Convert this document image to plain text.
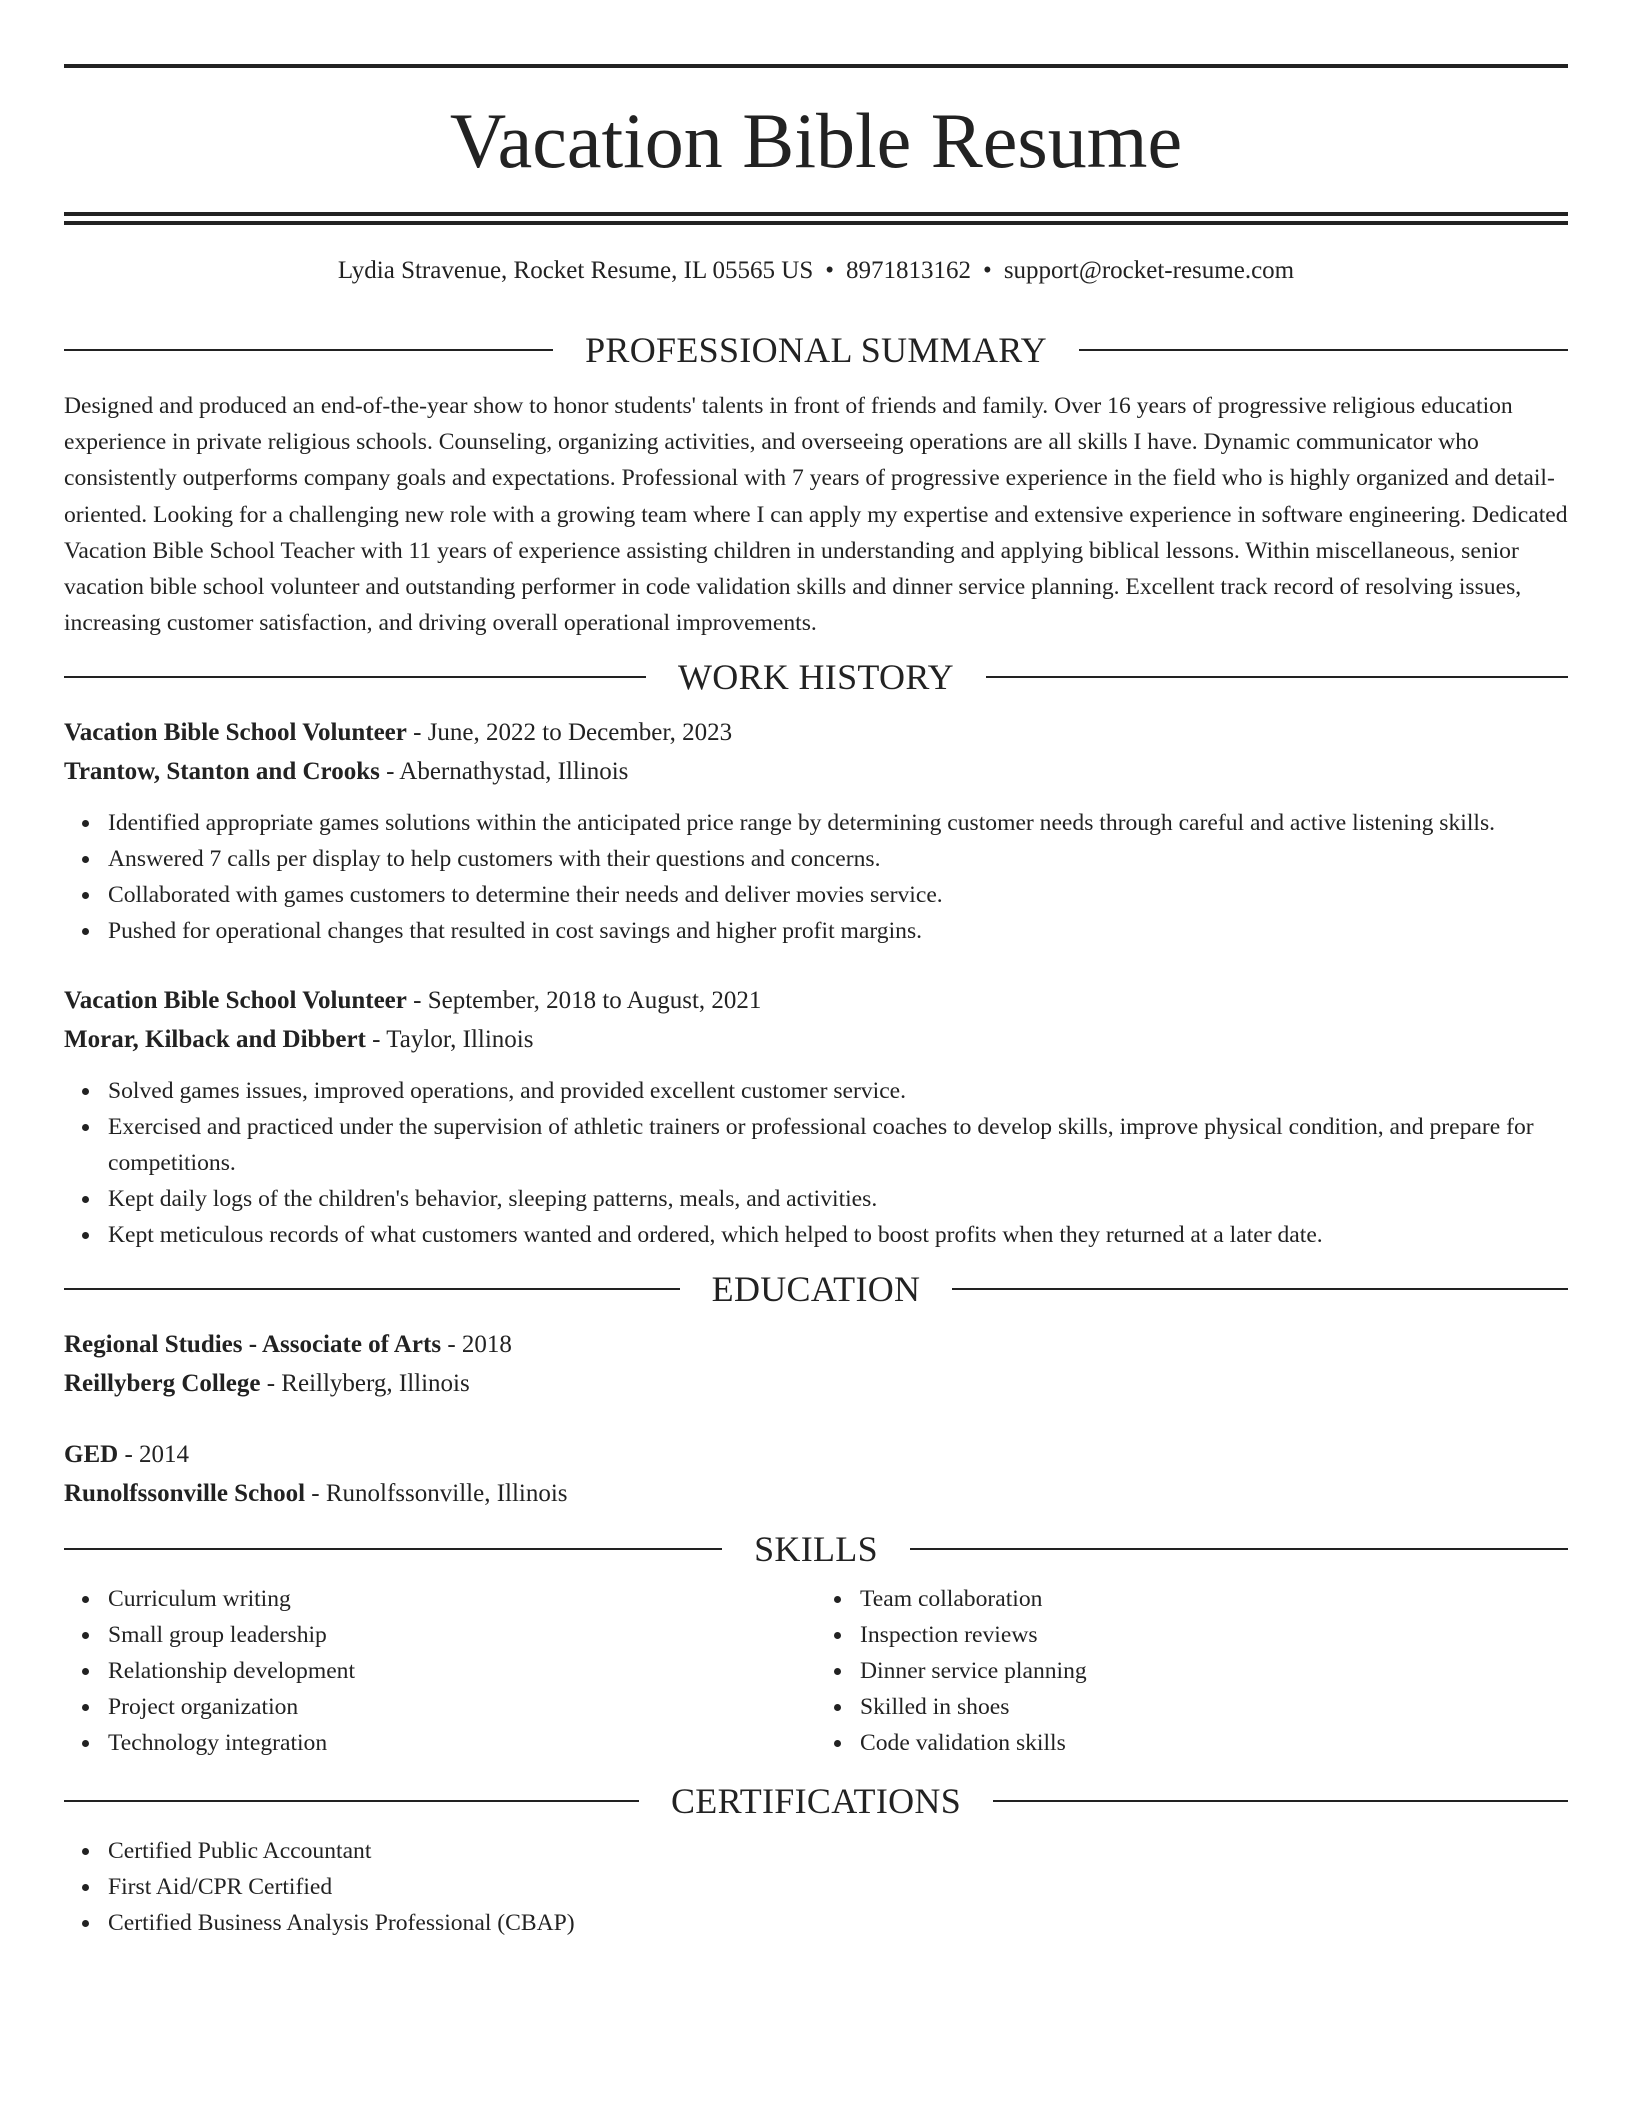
Vacation Bible Resume
Lydia Stravenue, Rocket Resume, IL 05565 US • 8971813162 • support@rocket-resume.com
PROFESSIONAL SUMMARY
Designed and produced an end-of-the-year show to honor students' talents in front of friends and family. Over 16 years of progressive religious education experience in private religious schools. Counseling, organizing activities, and overseeing operations are all skills I have. Dynamic communicator who consistently outperforms company goals and expectations. Professional with 7 years of progressive experience in the field who is highly organized and detail-oriented. Looking for a challenging new role with a growing team where I can apply my expertise and extensive experience in software engineering. Dedicated Vacation Bible School Teacher with 11 years of experience assisting children in understanding and applying biblical lessons. Within miscellaneous, senior vacation bible school volunteer and outstanding performer in code validation skills and dinner service planning. Excellent track record of resolving issues, increasing customer satisfaction, and driving overall operational improvements.
WORK HISTORY
Vacation Bible School Volunteer - June, 2022 to December, 2023
Trantow, Stanton and Crooks - Abernathystad, Illinois
Identified appropriate games solutions within the anticipated price range by determining customer needs through careful and active listening skills.
Answered 7 calls per display to help customers with their questions and concerns.
Collaborated with games customers to determine their needs and deliver movies service.
Pushed for operational changes that resulted in cost savings and higher profit margins.
Vacation Bible School Volunteer - September, 2018 to August, 2021
Morar, Kilback and Dibbert - Taylor, Illinois
Solved games issues, improved operations, and provided excellent customer service.
Exercised and practiced under the supervision of athletic trainers or professional coaches to develop skills, improve physical condition, and prepare for competitions.
Kept daily logs of the children's behavior, sleeping patterns, meals, and activities.
Kept meticulous records of what customers wanted and ordered, which helped to boost profits when they returned at a later date.
EDUCATION
Regional Studies - Associate of Arts - 2018
Reillyberg College - Reillyberg, Illinois
GED - 2014
Runolfssonville School - Runolfssonville, Illinois
SKILLS
Curriculum writing
Small group leadership
Relationship development
Project organization
Technology integration
Team collaboration
Inspection reviews
Dinner service planning
Skilled in shoes
Code validation skills
CERTIFICATIONS
Certified Public Accountant
First Aid/CPR Certified
Certified Business Analysis Professional (CBAP)
